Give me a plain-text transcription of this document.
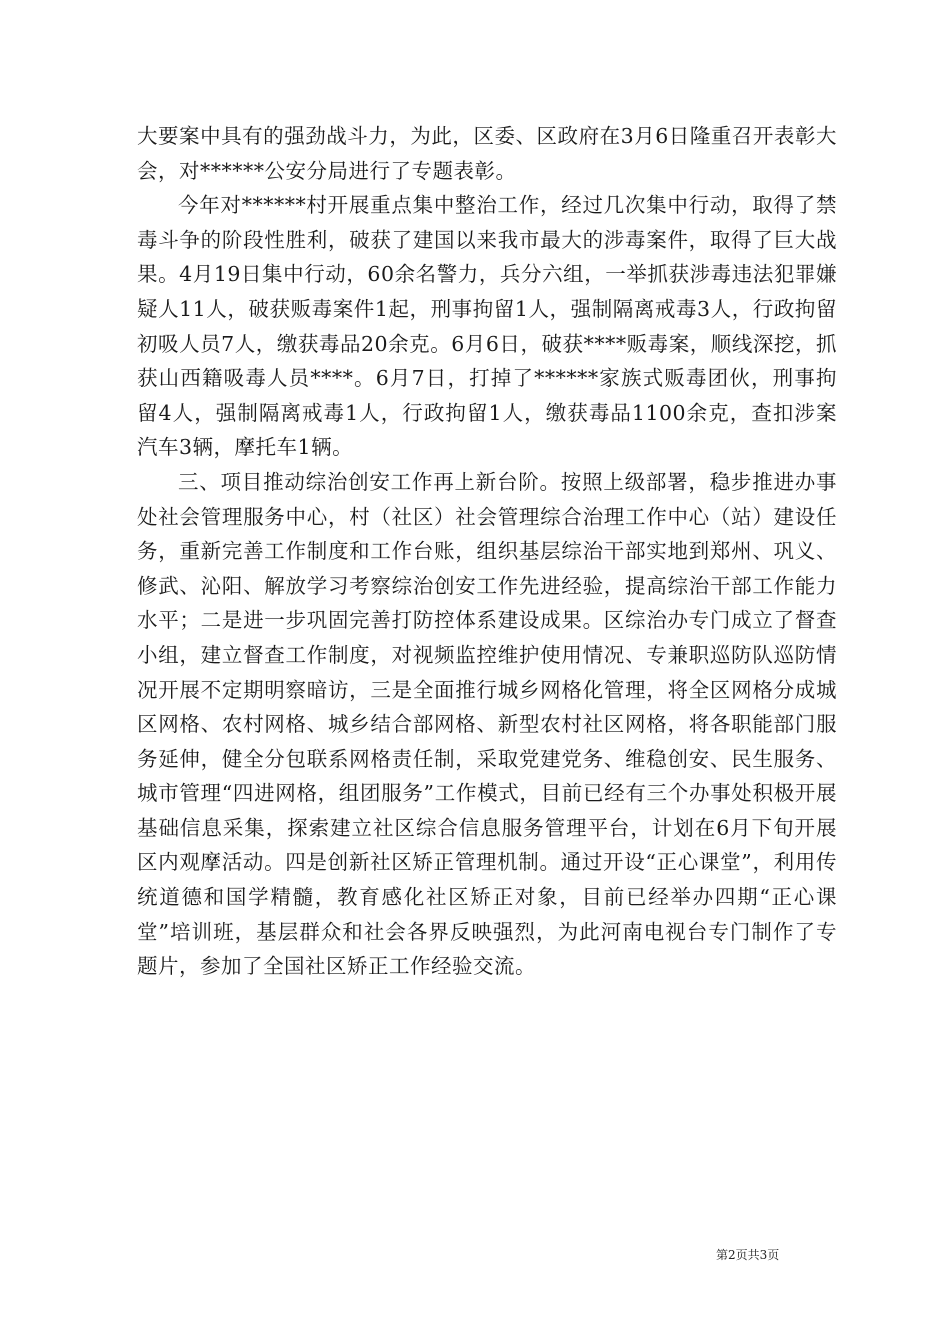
大要案中具有的强劲战斗力，为此，区委、区政府在3月6日隆重召开表彰大会，对******公安分局进行了专题表彰。

今年对******村开展重点集中整治工作，经过几次集中行动，取得了禁毒斗争的阶段性胜利，破获了建国以来我市最大的涉毒案件，取得了巨大战果。4月19日集中行动，60余名警力，兵分六组，一举抓获涉毒违法犯罪嫌疑人11人，破获贩毒案件1起，刑事拘留1人，强制隔离戒毒3人，行政拘留初吸人员7人，缴获毒品20余克。6月6日，破获****贩毒案，顺线深挖，抓获山西籍吸毒人员****。6月7日，打掉了******家族式贩毒团伙，刑事拘留4人，强制隔离戒毒1人，行政拘留1人，缴获毒品1100余克，查扣涉案汽车3辆，摩托车1辆。

三、项目推动综治创安工作再上新台阶。按照上级部署，稳步推进办事处社会管理服务中心，村（社区）社会管理综合治理工作中心（站）建设任务，重新完善工作制度和工作台账，组织基层综治干部实地到郑州、巩义、修武、沁阳、解放学习考察综治创安工作先进经验，提高综治干部工作能力水平；二是进一步巩固完善打防控体系建设成果。区综治办专门成立了督查小组，建立督查工作制度，对视频监控维护使用情况、专兼职巡防队巡防情况开展不定期明察暗访，三是全面推行城乡网格化管理，将全区网格分成城区网格、农村网格、城乡结合部网格、新型农村社区网格，将各职能部门服务延伸，健全分包联系网格责任制，采取党建党务、维稳创安、民生服务、城市管理“四进网格，组团服务”工作模式，目前已经有三个办事处积极开展基础信息采集，探索建立社区综合信息服务管理平台，计划在6月下旬开展区内观摩活动。四是创新社区矫正管理机制。通过开设“正心课堂”，利用传统道德和国学精髓，教育感化社区矫正对象，目前已经举办四期“正心课堂”培训班，基层群众和社会各界反映强烈，为此河南电视台专门制作了专题片，参加了全国社区矫正工作经验交流。

第2页共3页
